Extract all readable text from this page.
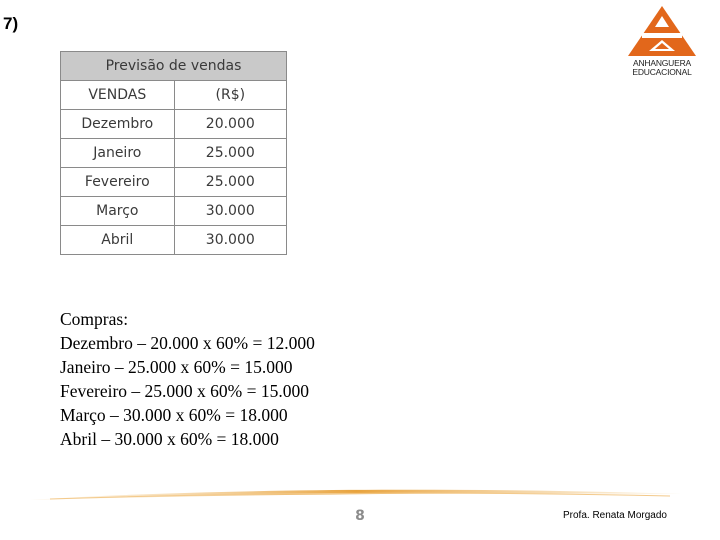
7)
ANHANGUERA
EDUCACIONAL
Previsão de vendas	
VENDAS	(R$)
Dezembro	20.000
Janeiro	25.000
Fevereiro	25.000
Março	30.000
Abril	30.000
Compras:
Dezembro – 20.000 x 60% = 12.000
Janeiro – 25.000 x 60% = 15.000
Fevereiro – 25.000 x 60% = 15.000
Março – 30.000 x 60% = 18.000
Abril – 30.000 x 60% = 18.000
8	Profa. Renata Morgado
